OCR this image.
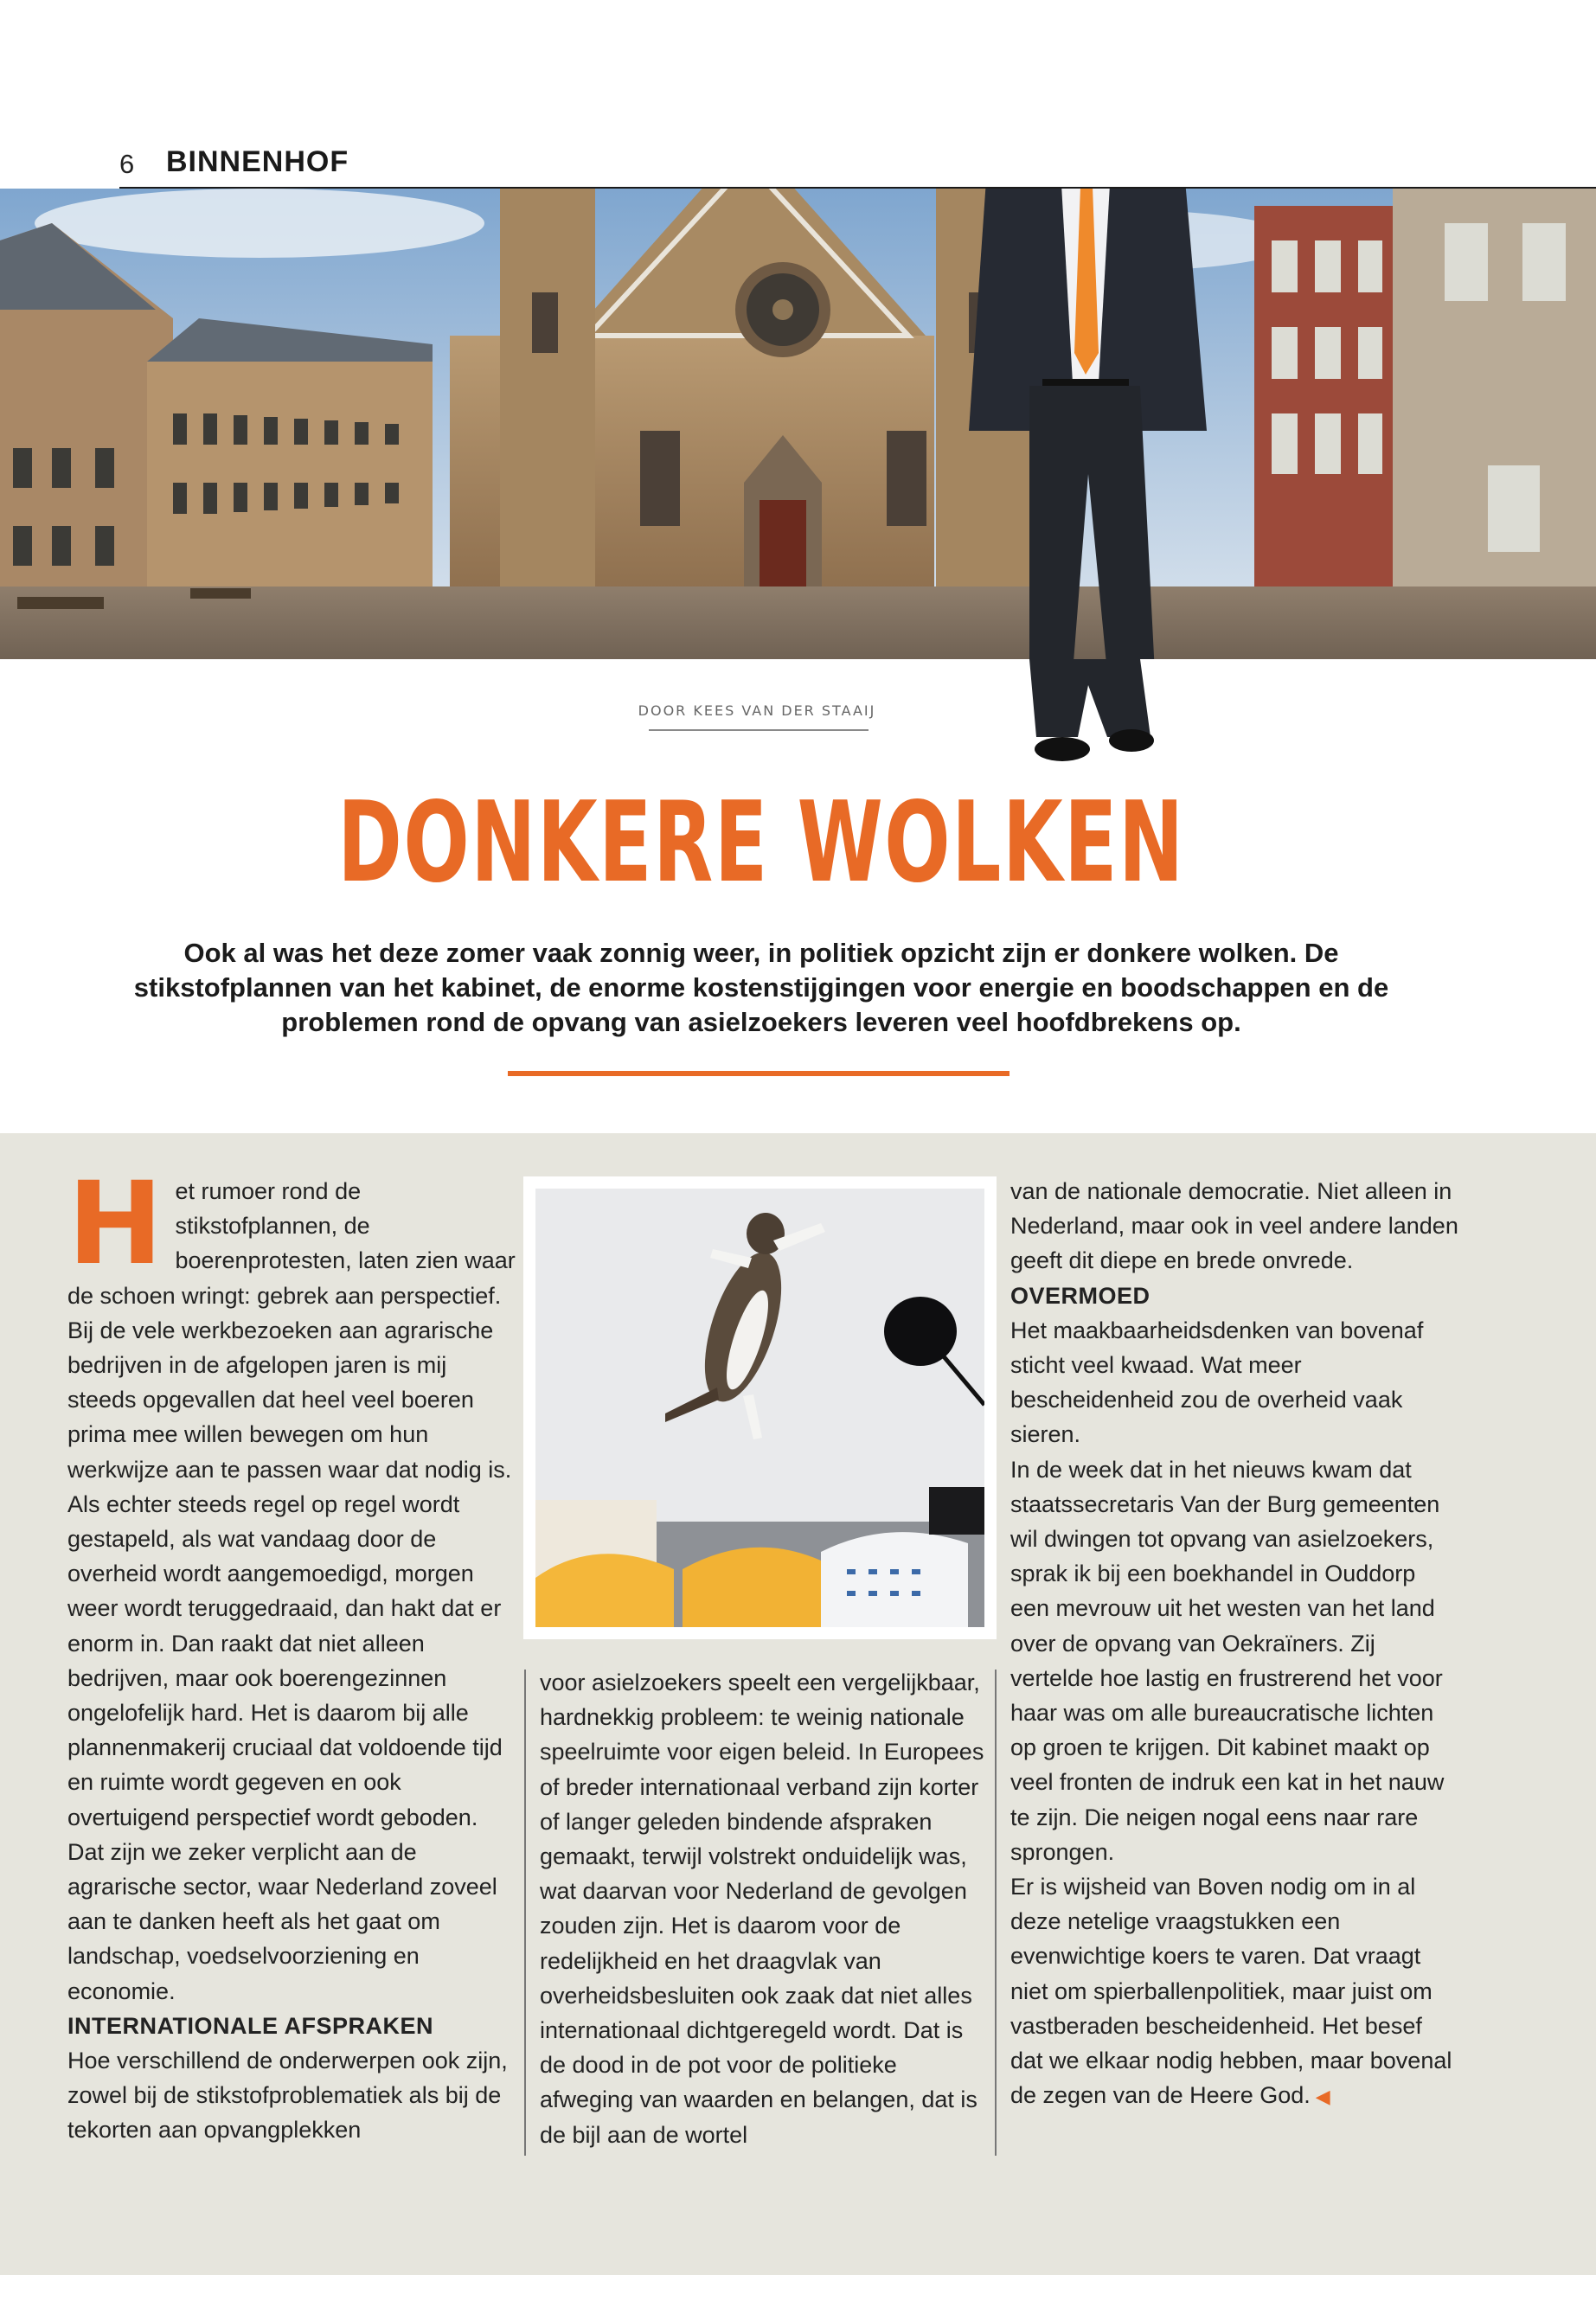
6 BINNENHOF
DOOR KEES VAN DER STAAIJ
DONKERE WOLKEN

Ook al was het deze zomer vaak zonnig weer, in politiek opzicht zijn er donkere wolken. De stikstofplannen van het kabinet, de enorme kostenstijgingen voor energie en boodschappen en de problemen rond de opvang van asielzoekers leveren veel hoofdbrekens op.

H et rumoer rond de stikstofplannen, de boerenprotesten, laten zien waar de schoen wringt: gebrek aan perspectief. Bij de vele werkbezoeken aan agrarische bedrijven in de afgelopen jaren is mij steeds opgevallen dat heel veel boeren prima mee willen bewegen om hun werkwijze aan te passen waar dat nodig is. Als echter steeds regel op regel wordt gestapeld, als wat vandaag door de overheid wordt aangemoedigd, morgen weer wordt teruggedraaid, dan hakt dat er enorm in. Dan raakt dat niet alleen bedrijven, maar ook boerengezinnen ongelofelijk hard. Het is daarom bij alle plannenmakerij cruciaal dat voldoende tijd en ruimte wordt gegeven en ook overtuigend perspectief wordt geboden. Dat zijn we zeker verplicht aan de agrarische sector, waar Nederland zoveel aan te danken heeft als het gaat om landschap, voedselvoorziening en economie.

INTERNATIONALE AFSPRAKEN

Hoe verschillend de onderwerpen ook zijn, zowel bij de stikstofproblematiek als bij de tekorten aan opvangplekken

voor asielzoekers speelt een vergelijkbaar, hardnekkig probleem: te weinig nationale speelruimte voor eigen beleid. In Europees of breder internationaal verband zijn korter of langer geleden bindende afspraken gemaakt, terwijl volstrekt onduidelijk was, wat daarvan voor Nederland de gevolgen zouden zijn. Het is daarom voor de redelijkheid en het draagvlak van overheidsbesluiten ook zaak dat niet alles internationaal dichtgeregeld wordt. Dat is de dood in de pot voor de politieke afweging van waarden en belangen, dat is de bijl aan de wortel

van de nationale democratie. Niet alleen in Nederland, maar ook in veel andere landen geeft dit diepe en brede onvrede.

OVERMOED

Het maakbaarheidsdenken van bovenaf sticht veel kwaad. Wat meer bescheidenheid zou de overheid vaak sieren.

In de week dat in het nieuws kwam dat staatssecretaris Van der Burg gemeenten wil dwingen tot opvang van asielzoekers, sprak ik bij een boekhandel in Ouddorp een mevrouw uit het westen van het land over de opvang van Oekraïners. Zij vertelde hoe lastig en frustrerend het voor haar was om alle bureaucratische lichten op groen te krijgen. Dit kabinet maakt op veel fronten de indruk een kat in het nauw te zijn. Die neigen nogal eens naar rare sprongen.

Er is wijsheid van Boven nodig om in al deze netelige vraagstukken een evenwichtige koers te varen. Dat vraagt niet om spierballenpolitiek, maar juist om vastberaden bescheidenheid. Het besef dat we elkaar nodig hebben, maar bovenal de zegen van de Heere God. ◀
